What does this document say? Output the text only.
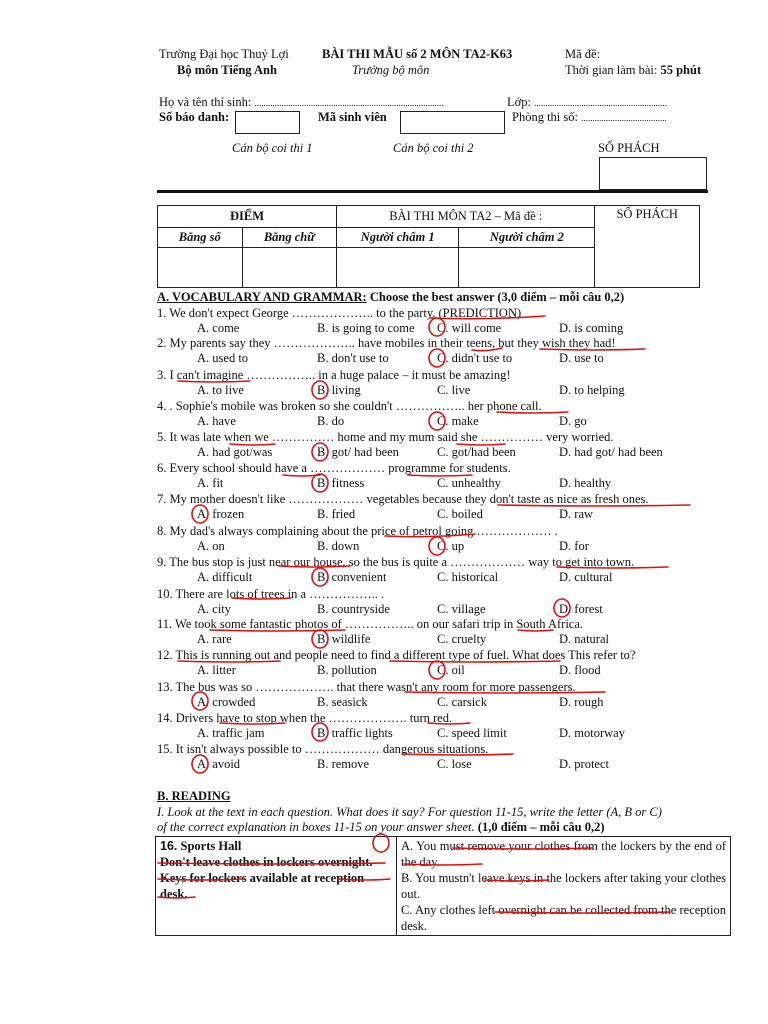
Trường Đại học Thuỷ Lợi
Bộ môn Tiếng Anh
BÀI THI MẪU số 2 MÔN TA2-K63
Trưởng bộ môn
Mã đề:
Thời gian làm bài: 55 phút
Họ và tên thí sinh: ....................................................................................	Lớp: ...........................................................
Số báo danh:	Mã sinh viên	Phòng thi số: ......................................
Cán bộ coi thi 1	Cán bộ coi thi 2	SỐ PHÁCH
ĐIỂM		BÀI THI MÔN TA2 – Mã đề :		SỐ PHÁCH
Bằng số	Bằng chữ	Người chấm 1	Người chấm 2	

A. VOCABULARY AND GRAMMAR: Choose the best answer (3,0 điểm – mỗi câu 0,2)
1. We don't expect George ……………….. to the party. (PREDICTION)
A. come	B. is going to come C. will come	D. is coming
2. My parents say they ……………….. have mobiles in their teens, but they wish they had!
A. used to	B. don't use to	C. didn't use to	D. use to
3. I can't imagine …………….. in a huge palace – it must be amazing!
A. to live	B. living	C. live	D. to helping
4. . Sophie's mobile was broken so she couldn't …………….. her phone call.
A. have	B. do	C. make	D. go
5. It was late when we …………… home and my mum said she …………… very worried.
A. had got/was	B. got/ had been	C. got/had been	D. had got/ had been
6. Every school should have a ……………… programme for students.
A. fit	B. fitness	C. unhealthy	D. healthy
7. My mother doesn't like ……………… vegetables because they don't taste as nice as fresh ones.
A. frozen	B. fried	C. boiled	D. raw
8. My dad's always complaining about the price of petrol going ……………… .
A. on	B. down	C. up	D. for
9. The bus stop is just near our house, so the bus is quite a ……………… way to get into town.
A. difficult	B. convenient	C. historical	D. cultural
10. There are lots of trees in a …………….. .
A. city	B. countryside	C. village	D. forest
11. We took some fantastic photos of …………….. on our safari trip in South Africa.
A. rare	B. wildlife	C. cruelty	D. natural
12. This is running out and people need to find a different type of fuel. What does This refer to?
A. litter	B. pollution	C. oil	D. flood
13. The bus was so ………………. that there wasn't any room for more passengers.
A. crowded	B. seasick	C. carsick	D. rough
14. Drivers have to stop when the ………………. turn red.
A. traffic jam	B. traffic lights	C. speed limit	D. motorway
15. It isn't always possible to ……………… dangerous situations.
A. avoid	B. remove	C. lose	D. protect
B. READING
I. Look at the text in each question. What does it say? For question 11-15, write the letter (A, B or C)
of the correct explanation in boxes 11-15 on your answer sheet. (1,0 điểm – mỗi câu 0,2)
16. Sports Hall
Don't leave clothes in lockers overnight.
Keys for lockers available at reception desk.

A. You must remove your clothes from the lockers by the end of the day.
B. You mustn't leave keys in the lockers after taking your clothes out.
C. Any clothes left overnight can be collected from the reception desk.
